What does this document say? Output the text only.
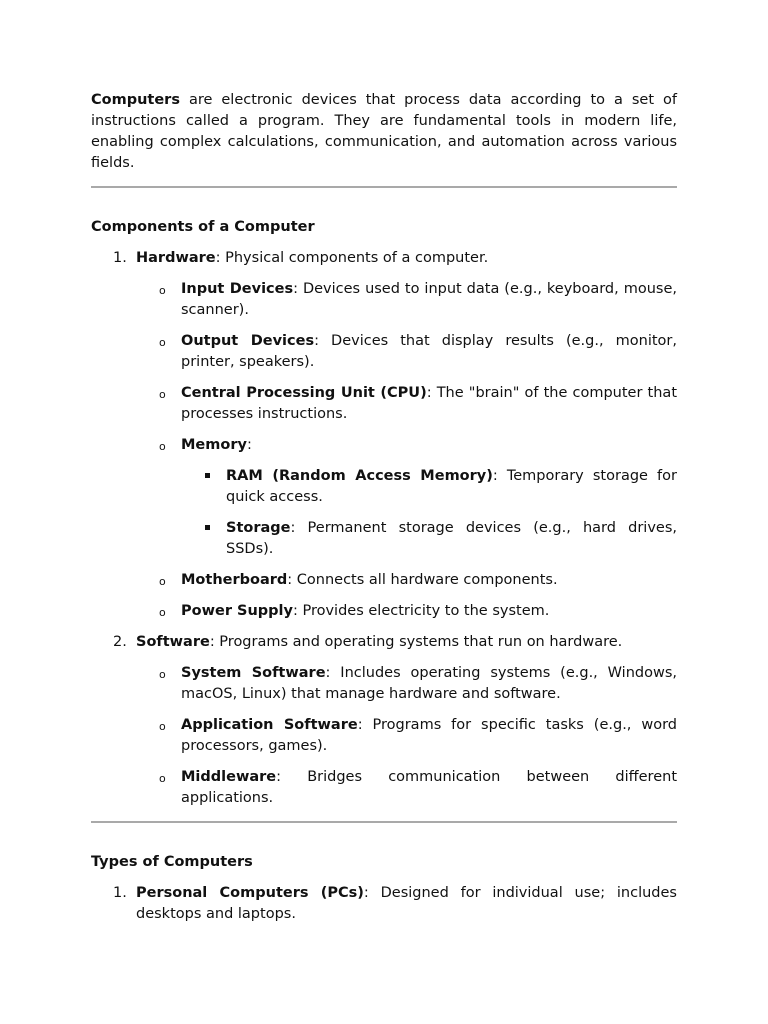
Computers are electronic devices that process data according to a set of instructions called a program. They are fundamental tools in modern life, enabling complex calculations, communication, and automation across various fields.

Components of a Computer
1. Hardware: Physical components of a computer.

o Input Devices: Devices used to input data (e.g., keyboard, mouse, scanner).

o Output Devices: Devices that display results (e.g., monitor, printer, speakers).

o Central Processing Unit (CPU): The "brain" of the computer that processes instructions.

o Memory:

RAM (Random Access Memory): Temporary storage for quick access.

Storage: Permanent storage devices (e.g., hard drives, SSDs).

o Motherboard: Connects all hardware components.

o Power Supply: Provides electricity to the system.

2. Software: Programs and operating systems that run on hardware.

o System Software: Includes operating systems (e.g., Windows, macOS, Linux) that manage hardware and software.

o Application Software: Programs for specific tasks (e.g., word processors, games).

o Middleware: Bridges communication between different applications.

Types of Computers
1. Personal Computers (PCs): Designed for individual use; includes desktops and laptops.
